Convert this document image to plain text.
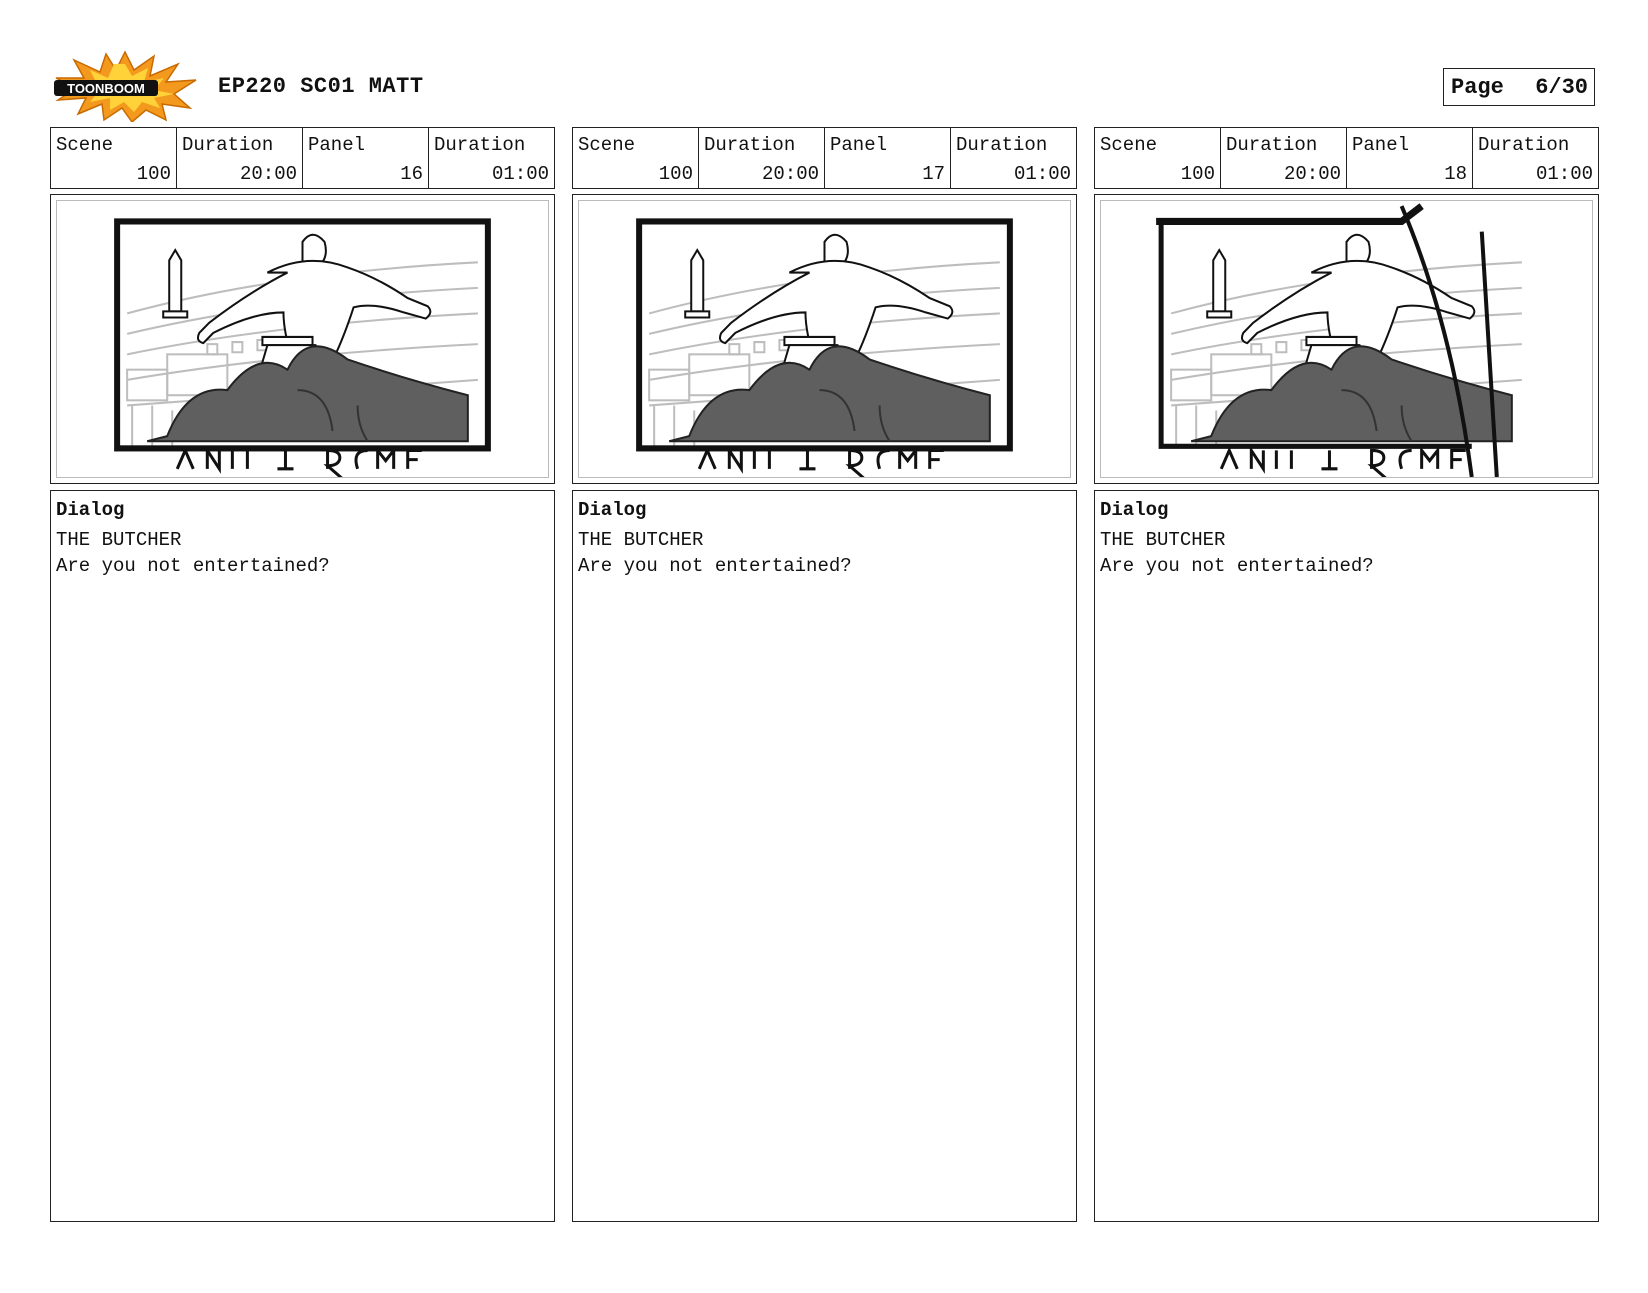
TOONBOOM	EP220 SC01 MATT	Page 6/30
Scene
100
Duration
20:00
Panel
16
Duration
01:00
Dialog
THE BUTCHER
Are you not entertained?
Scene
100
Duration
20:00
Panel
17
Duration
01:00
Dialog
THE BUTCHER
Are you not entertained?
Scene
100
Duration
20:00
Panel
18
Duration
01:00
Dialog
THE BUTCHER
Are you not entertained?
